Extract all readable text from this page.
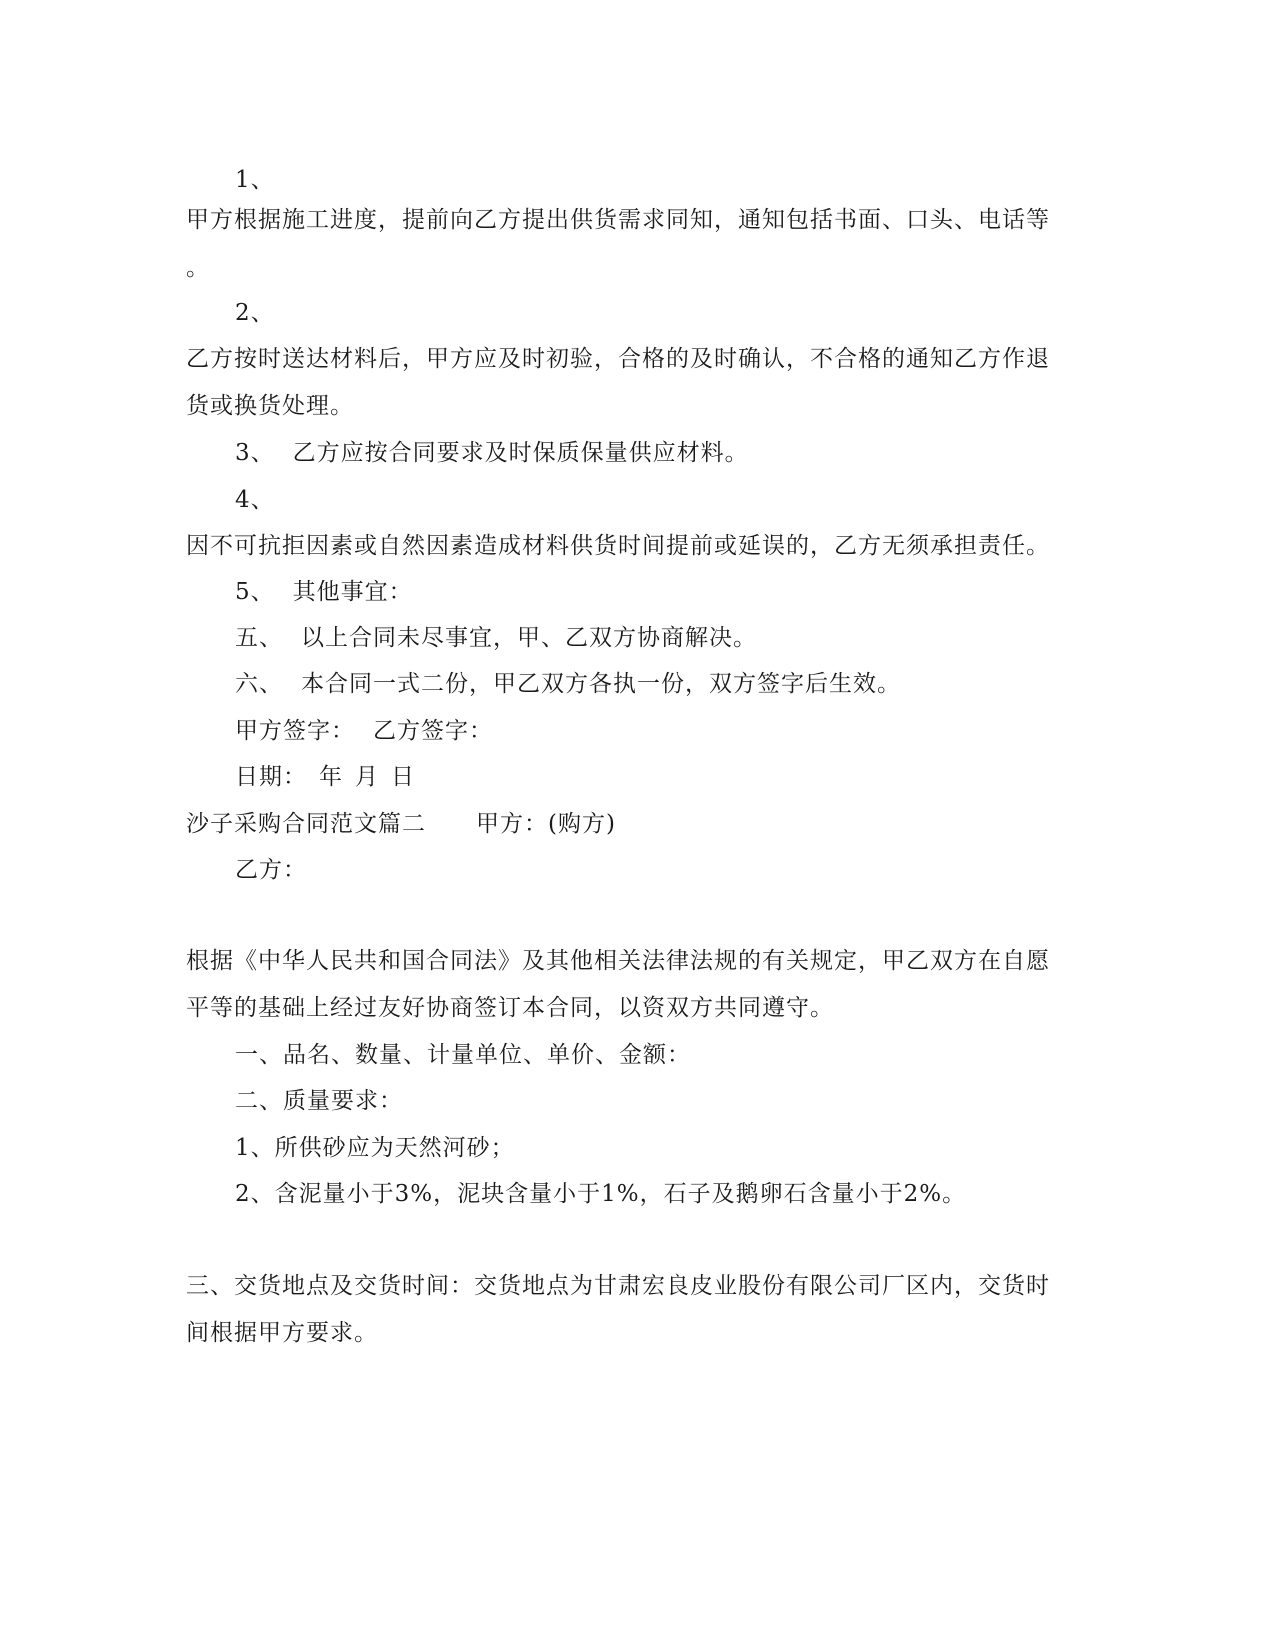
1、
甲方根据施工进度，提前向乙方提出供货需求同知，通知包括书面、口头、电话等
。
2、
乙方按时送达材料后，甲方应及时初验，合格的及时确认，不合格的通知乙方作退
货或换货处理。
3、 乙方应按合同要求及时保质保量供应材料。
4、
因不可抗拒因素或自然因素造成材料供货时间提前或延误的，乙方无须承担责任。
5、 其他事宜：
五、 以上合同未尽事宜，甲、乙双方协商解决。
六、 本合同一式二份，甲乙双方各执一份，双方签字后生效。
甲方签字： 乙方签字：
日期： 年 月 日
沙子采购合同范文篇二 甲方：(购方)
乙方：
根据《中华人民共和国合同法》及其他相关法律法规的有关规定，甲乙双方在自愿
平等的基础上经过友好协商签订本合同，以资双方共同遵守。
一、品名、数量、计量单位、单价、金额：
二、质量要求：
1、所供砂应为天然河砂；
2、含泥量小于3%，泥块含量小于1%，石子及鹅卵石含量小于2%。
三、交货地点及交货时间：交货地点为甘肃宏良皮业股份有限公司厂区内，交货时
间根据甲方要求。
